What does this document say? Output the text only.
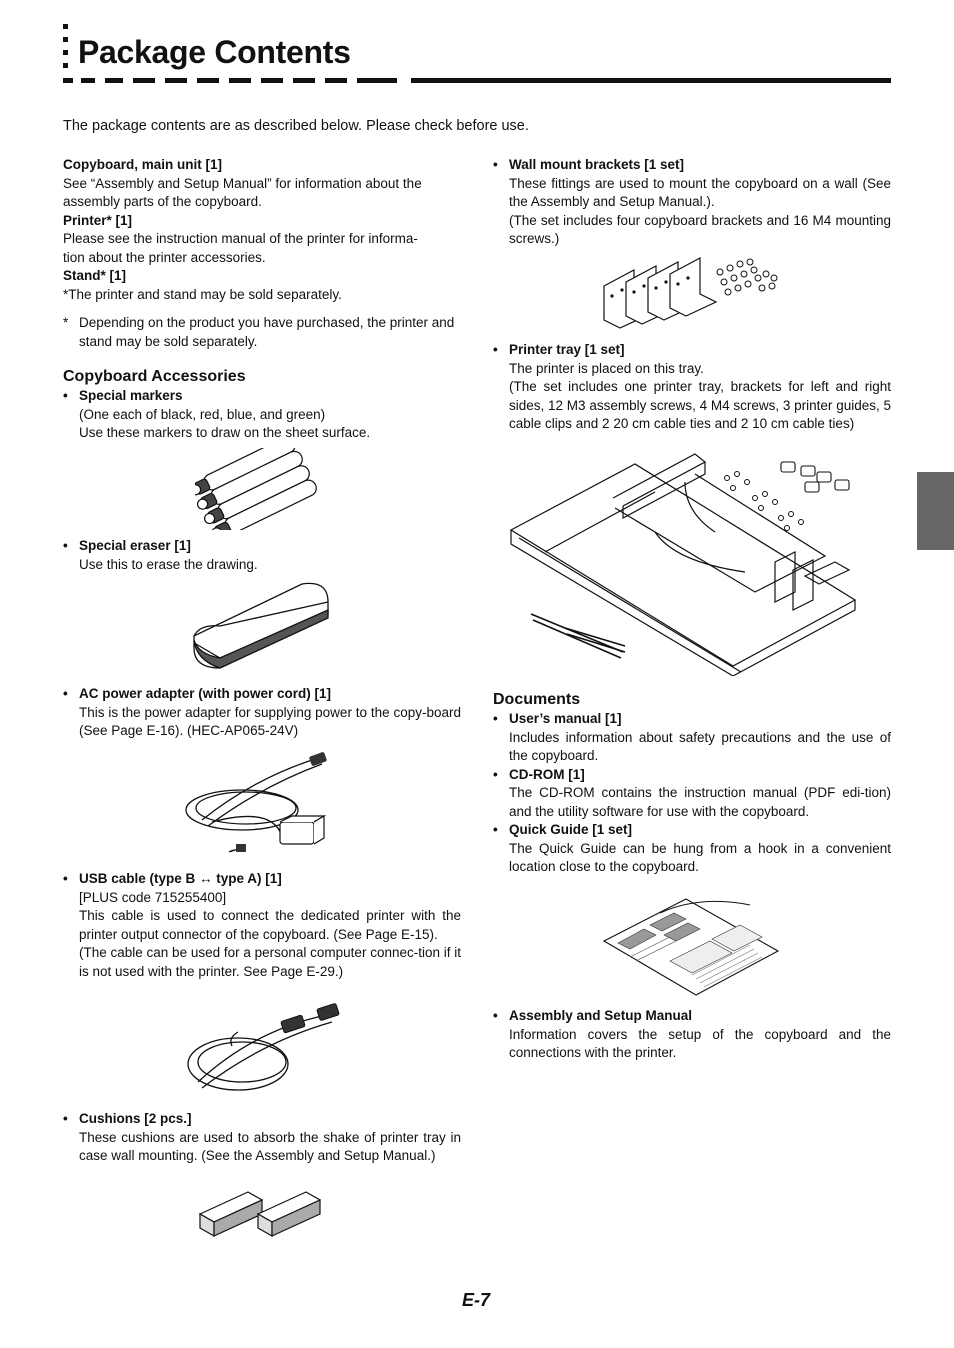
Package Contents
The package contents are as described below. Please check before use.

Copyboard, main unit [1]

See “Assembly and Setup Manual” for information about the

assembly parts of the copyboard.

Printer* [1]

Please see the instruction manual of the printer for informa-

tion about the printer accessories.

Stand* [1]

*The printer and stand may be sold separately.

* Depending on the product you have purchased, the printer and stand may be sold separately.

Copyboard Accessories

• Special markers

(One each of black, red, blue, and green)

Use these markers to draw on the sheet surface.

• Special eraser [1]

Use this to erase the drawing.

• AC power adapter (with power cord) [1]

This is the power adapter for supplying power to the copy-board (See Page E-16). (HEC-AP065-24V)

• USB cable (type B ↔ type A) [1]

[PLUS code 715255400]

This cable is used to connect the dedicated printer with the printer output connector of the copyboard. (See Page E-15).

(The cable can be used for a personal computer connec-tion if it is not used with the printer. See Page E-29.)

• Cushions [2 pcs.]

These cushions are used to absorb the shake of printer tray in case wall mounting. (See the Assembly and Setup Manual.)

• Wall mount brackets [1 set]

These fittings are used to mount the copyboard on a wall (See the Assembly and Setup Manual.).

(The set includes four copyboard brackets and 16 M4 mounting screws.)

• Printer tray [1 set]

The printer is placed on this tray.

(The set includes one printer tray, brackets for left and right sides, 12 M3 assembly screws, 4 M4 screws, 3 printer guides, 5 cable clips and 2 20 cm cable ties and 2 10 cm cable ties)

Documents

• User’s manual [1]

Includes information about safety precautions and the use of the copyboard.

• CD-ROM [1]

The CD-ROM contains the instruction manual (PDF edi-tion) and the utility software for use with the copyboard.

• Quick Guide [1 set]

The Quick Guide can be hung from a hook in a convenient location close to the copyboard.

• Assembly and Setup Manual

Information covers the setup of the copyboard and the connections with the printer.

E-7
